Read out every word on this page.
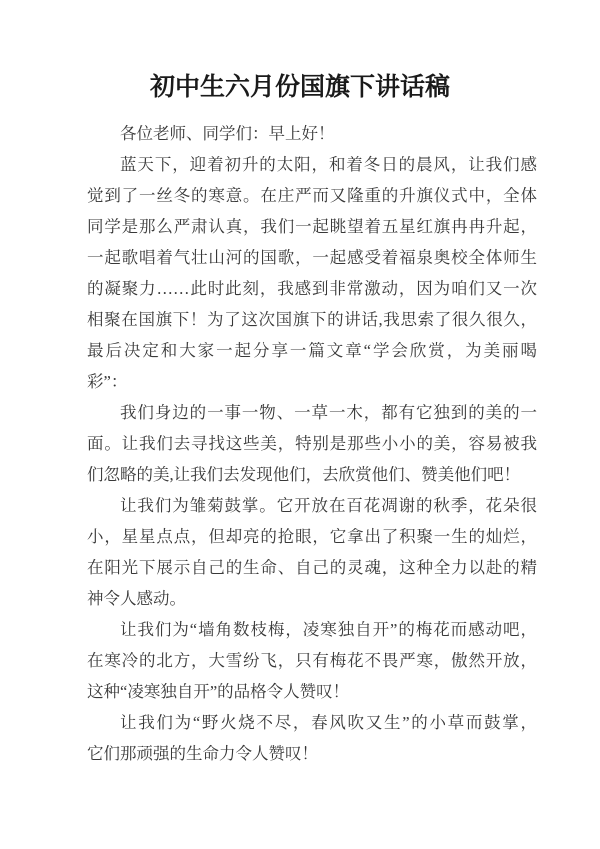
初中生六月份国旗下讲话稿
各位老师、同学们：早上好！
蓝天下，迎着初升的太阳，和着冬日的晨风，让我们感
觉到了一丝冬的寒意。在庄严而又隆重的升旗仪式中，全体
同学是那么严肃认真，我们一起眺望着五星红旗冉冉升起，
一起歌唱着气壮山河的国歌，一起感受着福泉奥校全体师生
的凝聚力……此时此刻，我感到非常激动，因为咱们又一次
相聚在国旗下！为了这次国旗下的讲话,我思索了很久很久，
最后决定和大家一起分享一篇文章“学会欣赏，为美丽喝
彩”：
我们身边的一事一物、一草一木，都有它独到的美的一
面。让我们去寻找这些美，特别是那些小小的美，容易被我
们忽略的美,让我们去发现他们，去欣赏他们、赞美他们吧！
让我们为雏菊鼓掌。它开放在百花凋谢的秋季，花朵很
小，星星点点，但却亮的抢眼，它拿出了积聚一生的灿烂，
在阳光下展示自己的生命、自己的灵魂，这种全力以赴的精
神令人感动。
让我们为“墙角数枝梅，凌寒独自开”的梅花而感动吧，
在寒冷的北方，大雪纷飞，只有梅花不畏严寒，傲然开放，
这种“凌寒独自开”的品格令人赞叹！
让我们为“野火烧不尽，春风吹又生”的小草而鼓掌，
它们那顽强的生命力令人赞叹！
